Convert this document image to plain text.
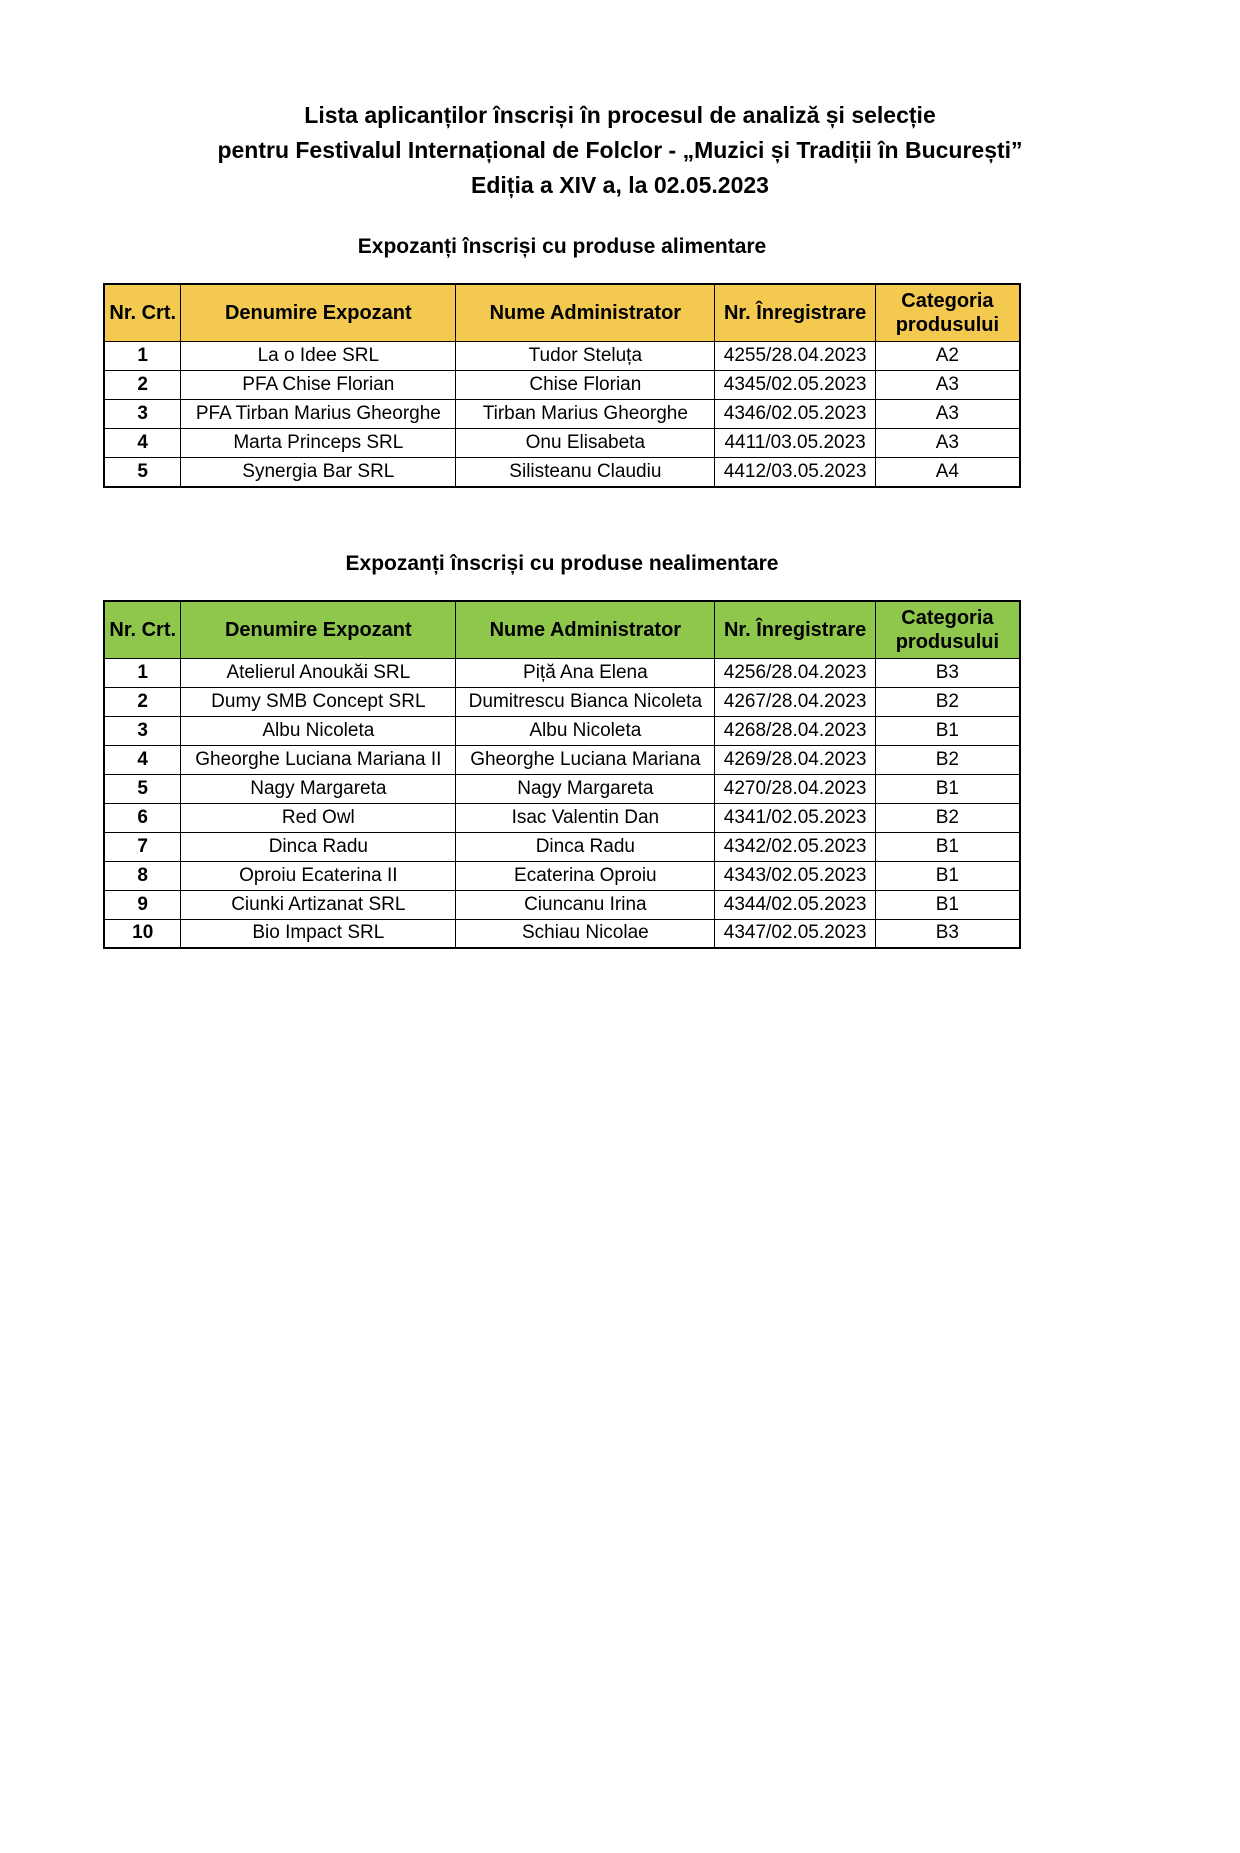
Lista aplicanților înscriși în procesul de analiză și selecție
pentru Festivalul Internațional de Folclor - „Muzici și Tradiții în București”
Ediția a XIV a, la 02.05.2023
Expozanți înscriși cu produse alimentare
Nr. Crt.	Denumire Expozant	Nume Administrator	Nr. Înregistrare	Categoria produsului
1	La o Idee SRL	Tudor Steluța	4255/28.04.2023	A2
2	PFA Chise Florian	Chise Florian	4345/02.05.2023	A3
3	PFA Tirban Marius Gheorghe	Tirban Marius Gheorghe	4346/02.05.2023	A3
4	Marta Princeps SRL	Onu Elisabeta	4411/03.05.2023	A3
5	Synergia Bar SRL	Silisteanu Claudiu	4412/03.05.2023	A4
Expozanți înscriși cu produse nealimentare
Nr. Crt.	Denumire Expozant	Nume Administrator	Nr. Înregistrare	Categoria produsului
1	Atelierul Anoukăi SRL	Piță Ana Elena	4256/28.04.2023	B3
2	Dumy SMB Concept SRL	Dumitrescu Bianca Nicoleta	4267/28.04.2023	B2
3	Albu Nicoleta	Albu Nicoleta	4268/28.04.2023	B1
4	Gheorghe Luciana Mariana II	Gheorghe Luciana Mariana	4269/28.04.2023	B2
5	Nagy Margareta	Nagy Margareta	4270/28.04.2023	B1
6	Red Owl	Isac Valentin Dan	4341/02.05.2023	B2
7	Dinca Radu	Dinca Radu	4342/02.05.2023	B1
8	Oproiu Ecaterina II	Ecaterina Oproiu	4343/02.05.2023	B1
9	Ciunki Artizanat SRL	Ciuncanu Irina	4344/02.05.2023	B1
10	Bio Impact SRL	Schiau Nicolae	4347/02.05.2023	B3
